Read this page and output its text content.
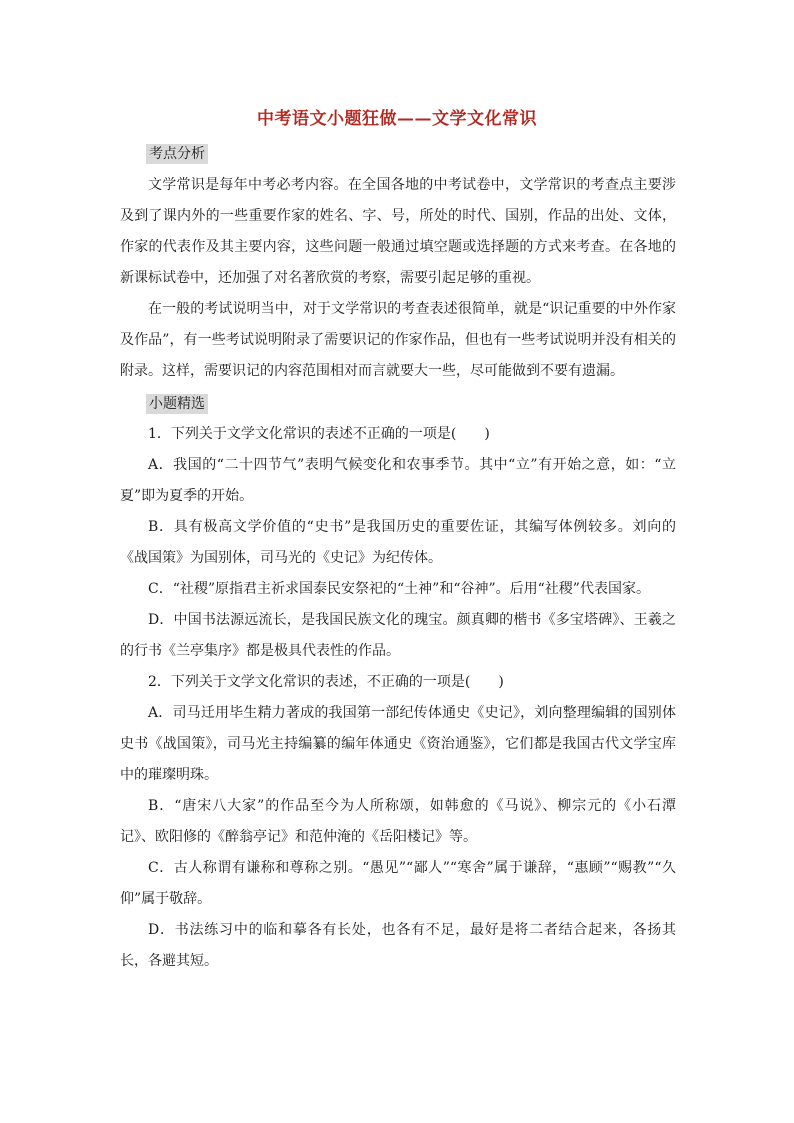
中考语文小题狂做——文学文化常识
考点分析

文学常识是每年中考必考内容。在全国各地的中考试卷中，文学常识的考查点主要涉及到了课内外的一些重要作家的姓名、字、号，所处的时代、国别，作品的出处、文体，作家的代表作及其主要内容，这些问题一般通过填空题或选择题的方式来考查。在各地的新课标试卷中，还加强了对名著欣赏的考察，需要引起足够的重视。

在一般的考试说明当中，对于文学常识的考查表述很简单，就是“识记重要的中外作家及作品”，有一些考试说明附录了需要识记的作家作品，但也有一些考试说明并没有相关的附录。这样，需要识记的内容范围相对而言就要大一些，尽可能做到不要有遗漏。

小题精选
1．下列关于文学文化常识的表述不正确的一项是(　　)
A．我国的“二十四节气”表明气候变化和农事季节。其中“立”有开始之意，如：“立夏”即为夏季的开始。
B．具有极高文学价值的“史书”是我国历史的重要佐证，其编写体例较多。刘向的《战国策》为国别体，司马光的《史记》为纪传体。
C．“社稷”原指君主祈求国泰民安祭祀的“土神”和“谷神”。后用“社稷”代表国家。
D．中国书法源远流长，是我国民族文化的瑰宝。颜真卿的楷书《多宝塔碑》、王羲之的行书《兰亭集序》都是极具代表性的作品。
2．下列关于文学文化常识的表述，不正确的一项是(　　)
A．司马迁用毕生精力著成的我国第一部纪传体通史《史记》，刘向整理编辑的国别体史书《战国策》，司马光主持编纂的编年体通史《资治通鉴》，它们都是我国古代文学宝库中的璀璨明珠。
B．“唐宋八大家”的作品至今为人所称颂，如韩愈的《马说》、柳宗元的《小石潭记》、欧阳修的《醉翁亭记》和范仲淹的《岳阳楼记》等。
C．古人称谓有谦称和尊称之别。“愚见”“鄙人”“寒舍”属于谦辞，“惠顾”“赐教”“久仰”属于敬辞。
D．书法练习中的临和摹各有长处，也各有不足，最好是将二者结合起来，各扬其长，各避其短。
